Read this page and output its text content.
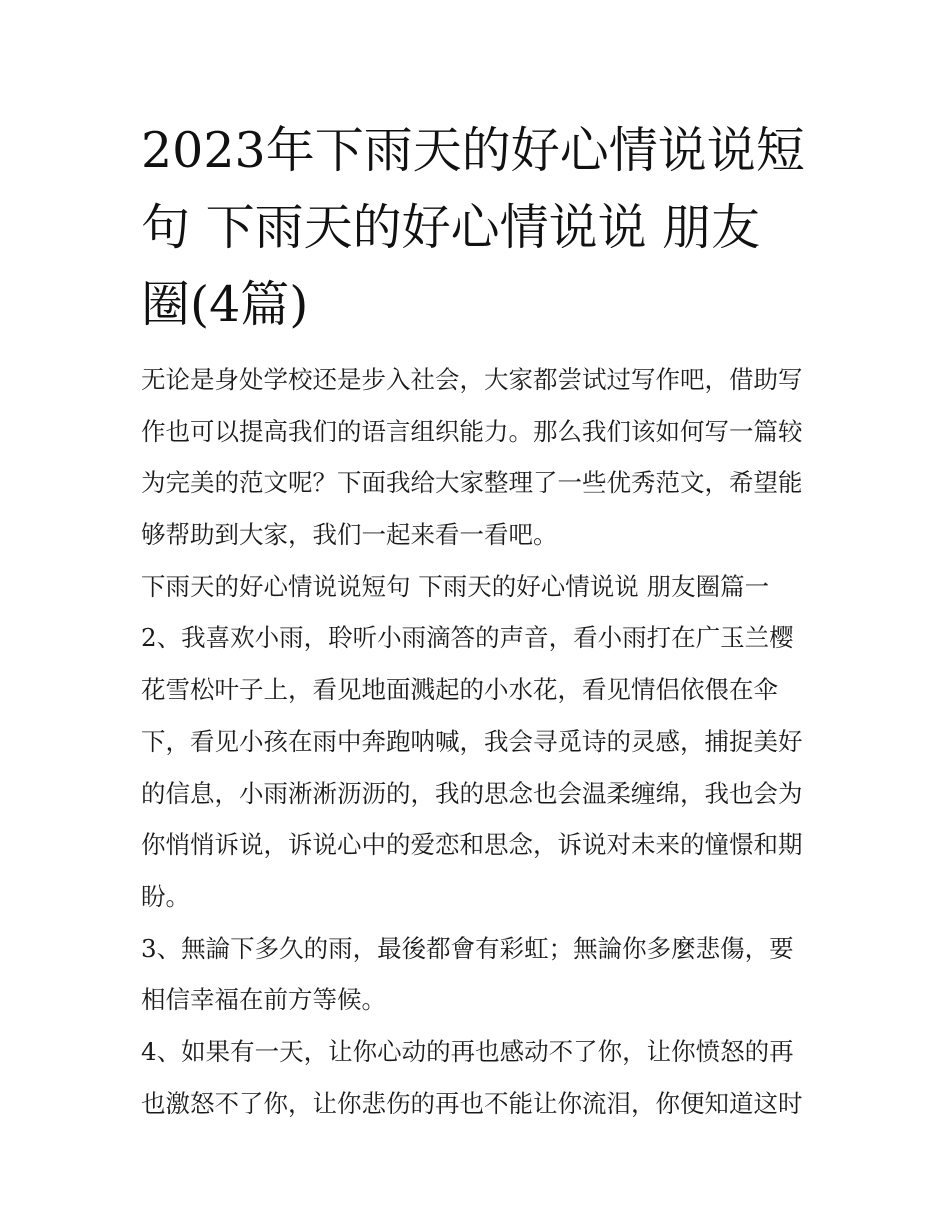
2023年下雨天的好心情说说短
句 下雨天的好心情说说 朋友
圈(4篇)
无论是身处学校还是步入社会，大家都尝试过写作吧，借助写
作也可以提高我们的语言组织能力。那么我们该如何写一篇较
为完美的范文呢？下面我给大家整理了一些优秀范文，希望能
够帮助到大家，我们一起来看一看吧。
下雨天的好心情说说短句 下雨天的好心情说说 朋友圈篇一
2、我喜欢小雨，聆听小雨滴答的声音，看小雨打在广玉兰樱
花雪松叶子上，看见地面溅起的小水花，看见情侣依偎在伞
下，看见小孩在雨中奔跑呐喊，我会寻觅诗的灵感，捕捉美好
的信息，小雨淅淅沥沥的，我的思念也会温柔缠绵，我也会为
你悄悄诉说，诉说心中的爱恋和思念，诉说对未来的憧憬和期
盼。
3、無論下多久的雨，最後都會有彩虹；無論你多麼悲傷，要
相信幸福在前方等候。
4、如果有一天，让你心动的再也感动不了你，让你愤怒的再
也激怒不了你，让你悲伤的再也不能让你流泪，你便知道这时
